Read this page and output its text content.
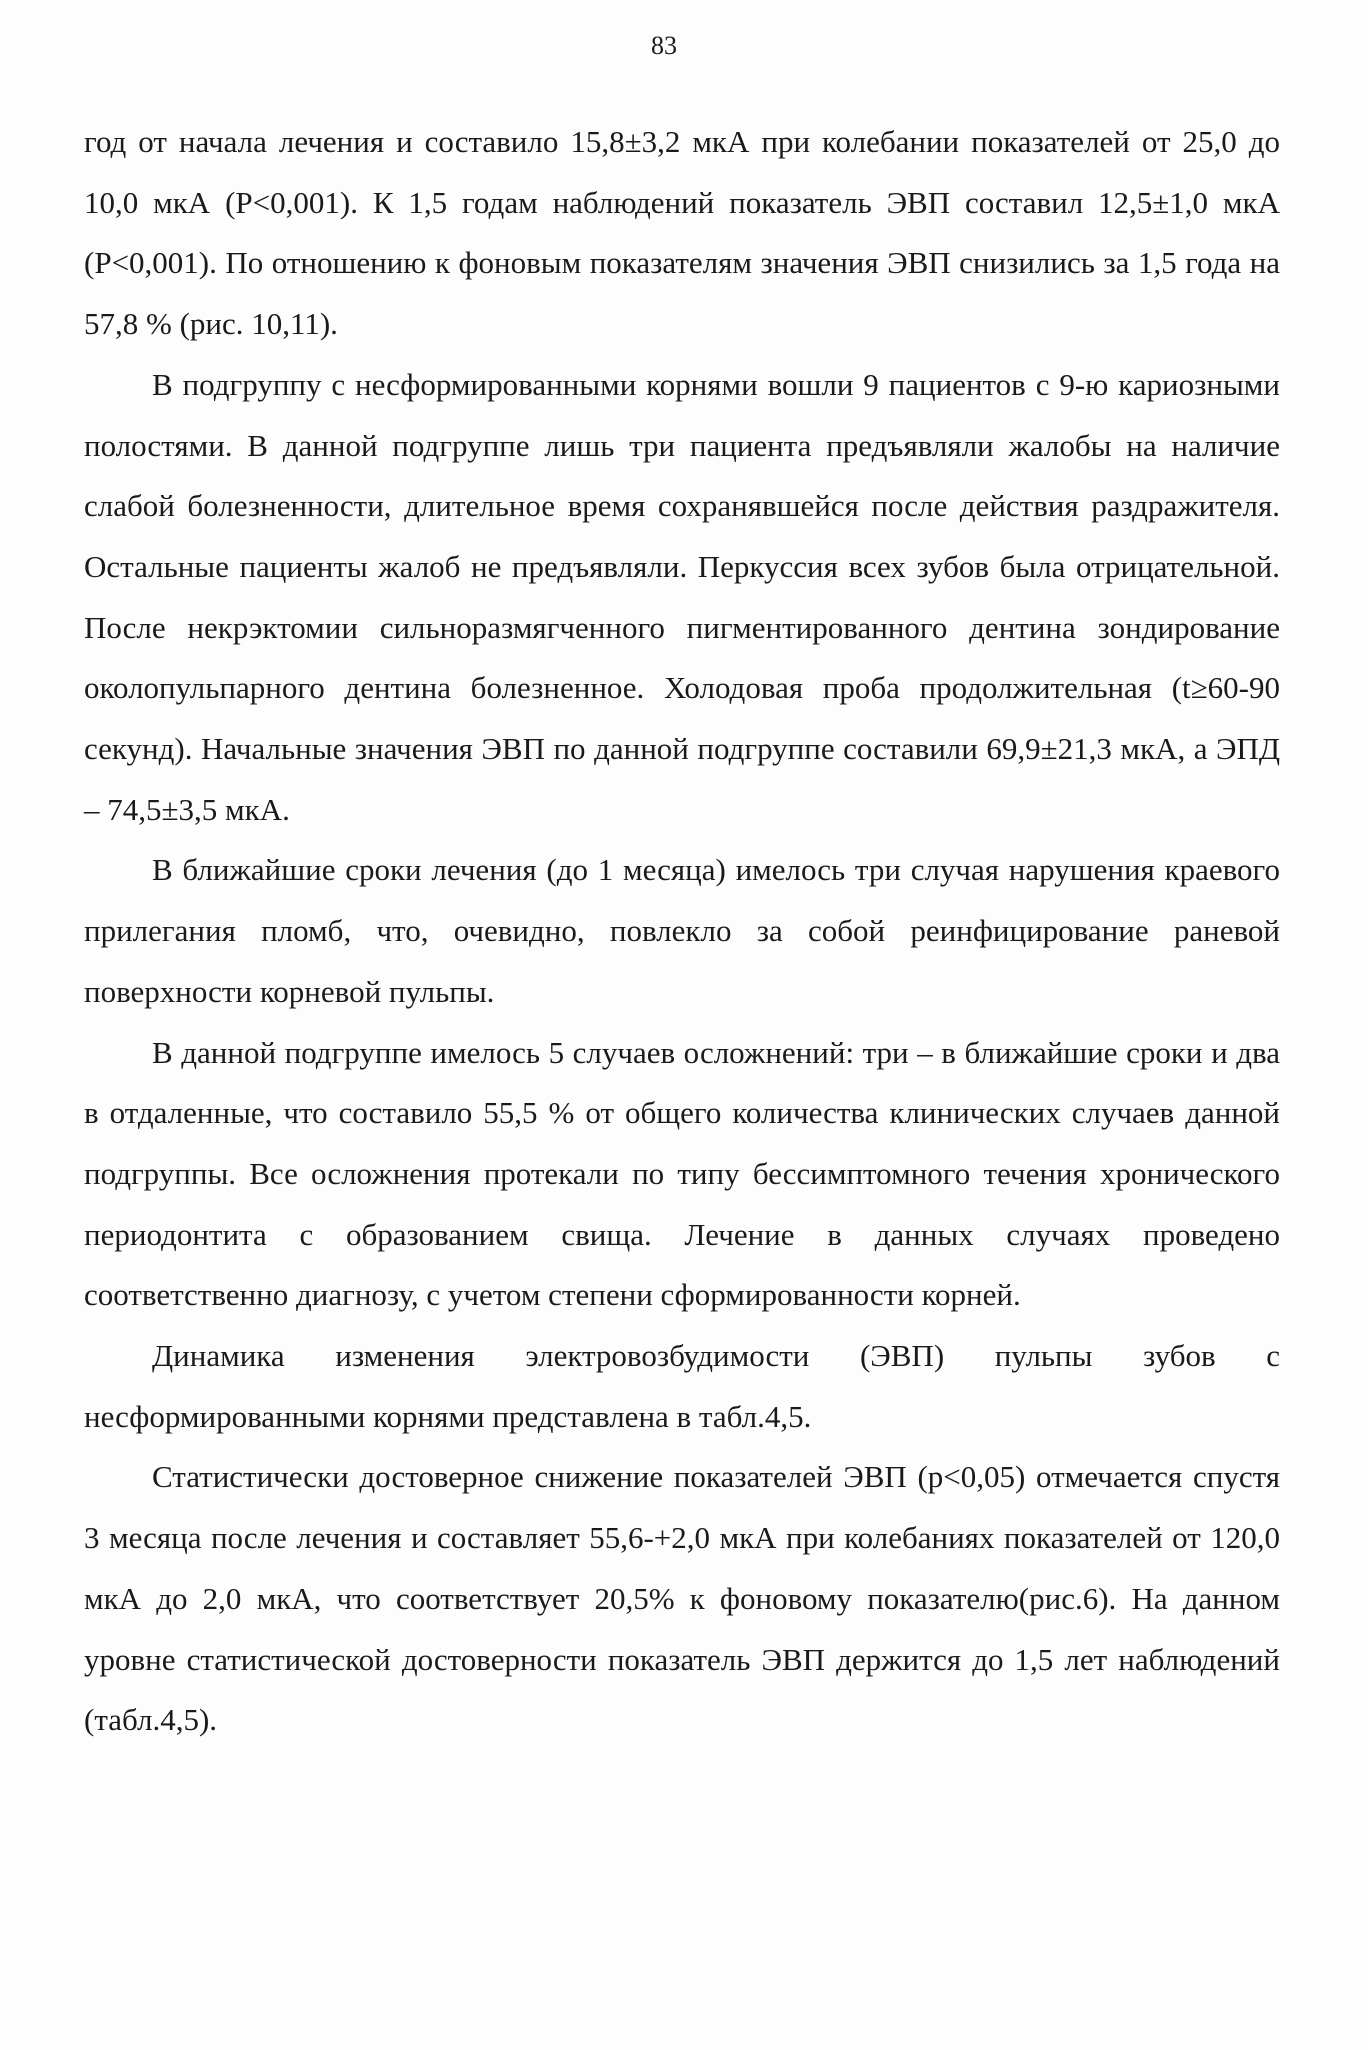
83

год от начала лечения и составило 15,8±3,2 мкА при колебании показателей от 25,0 до 10,0 мкА (Р<0,001). К 1,5 годам наблюдений показатель ЭВП составил 12,5±1,0 мкА (Р<0,001). По отношению к фоновым показателям значения ЭВП снизились за 1,5 года на 57,8 % (рис. 10,11).

В подгруппу с несформированными корнями вошли 9 пациентов с 9-ю кариозными полостями. В данной подгруппе лишь три пациента предъявляли жалобы на наличие слабой болезненности, длительное время сохранявшейся после действия раздражителя. Остальные пациенты жалоб не предъявляли. Перкуссия всех зубов была отрицательной. После некрэктомии сильноразмягченного пигментированного дентина зондирование околопульпарного дентина болезненное. Холодовая проба продолжительная (t≥60-90 секунд). Начальные значения ЭВП по данной подгруппе составили 69,9±21,3 мкА, а ЭПД – 74,5±3,5 мкА.

В ближайшие сроки лечения (до 1 месяца) имелось три случая нарушения краевого прилегания пломб, что, очевидно, повлекло за собой реинфицирование раневой поверхности корневой пульпы.

В данной подгруппе имелось 5 случаев осложнений: три – в ближайшие сроки и два в отдаленные, что составило 55,5 % от общего количества клинических случаев данной подгруппы. Все осложнения протекали по типу бессимптомного течения хронического периодонтита с образованием свища. Лечение в данных случаях проведено соответственно диагнозу, с учетом степени сформированности корней.

Динамика изменения электровозбудимости (ЭВП) пульпы зубов с несформированными корнями представлена в табл.4,5.

Статистически достоверное снижение показателей ЭВП (р<0,05) отмечается спустя 3 месяца после лечения и составляет 55,6-+2,0 мкА при колебаниях показателей от 120,0 мкА до 2,0 мкА, что соответствует 20,5% к фоновому показателю(рис.6). На данном уровне статистической достоверности показатель ЭВП держится до 1,5 лет наблюдений (табл.4,5).
